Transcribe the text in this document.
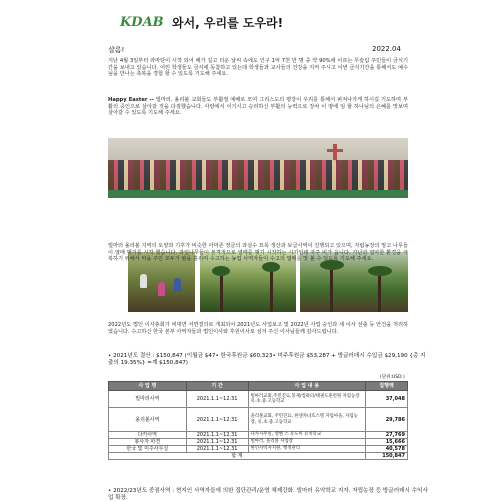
KDAB 와서, 우리를 도우라!
샬롬!	2022.04
지난 4월 3일부터 라마단이 시작 되어 해가 길고 더운 날씨 속에도 인구 1억 7천 만 명 중 약 90%에 이르는 무슬림 주민들이 금식기간을 보내고 있습니다. 어린 학생들도 금식에 동참하고 있는데 학생들과 교사들의 건강을 지켜 주시고 이번 금식기간을 통해서도 예수님을 만나는 축복을 경험 할 수 있도록 기도해 주세요.
Happy Easter -- 빌마러, 올리볼 교회들도 부활절 예배로 모여 그리스도의 평강이 우리를 통해서 퍼져나가게 하시길 기도하며 부활의 증인으로 살아갈 것을 다짐했습니다. 사랑에서 이기시고 승리하신 부활의 능력으로 장차 이 땅에 임 할 하나님의 은혜를 맛보며 살아갈 수 있도록 기도해 주세요.
빌마러 올리볼 지역의 토양과 기후가 비슷한 아마존 정글의 과실수 묘목 생산과 보급사역이 진행되고 있으며, 자립농장의 망고 나무들이 열매 맺기를 시작 했습니다. 과일나무들이 본격적으로 열매를 맺기 시작하는 시기인데 자주 비가 옵니다. 가난과 열악한 환경을 극복하기 위해서 마을 주민 모두가 땀을 흘리며 수고하는 농업 사역자들이 수고의 열매를 맛 볼 수 있도록 기도해 주세요.
2022년도 법인 이사총회가 비대면 서면결의로 개최되어 2021년도 사업보고 및 2022년 사업 승인과 새 이사 선출 등 안건을 처리하였습니다. 수고하신 한국 본부 사역자들과 법인이사와 후원이사로 섬겨 주신 이사님들께 감사드립니다.
• 2021년도 결산 : $150,847 (이월금 $47• 한국후원금 $60,323• 미주후원금 $53,287 + 방글러데시 수입금 $29,190 {총 지출의 19.35%} =계 $150,847)
(단위:USD )
사 업 명	기 간	사 업 내 용	집행액
빌마러사역	2021.1.1~12.31	빌마러교회,주민진료,봉제/컴퓨터/태권도훈련원 자립농장 유.초.중.고등학교	37,048
올리볼사역	2021.1.1~12.31	올리볼교회, 주민진료, 한센자녀호스텔 자립마을, 자립농장, 유.초.중.고등학교	29,786
다카사역	2021.1.1~12.31	다카사무실, 엘벨 스 유도미 유치학교	27,769
봉사자 파견	2021.1.1~12.31	빌마러, 올리볼 사업장	15,666
한국 및 미주사무실	2021.1.1~12.31	한인사역자지원, 행정관리	40,578
합 계			150,847
• 2022/23년도 중점사역 : 현지인 사역자들에 의한 집단관리/운영 체제강화. 빌마러 유악학교 지자. 자립농장 등 방글러데시 수익사업 확장.
